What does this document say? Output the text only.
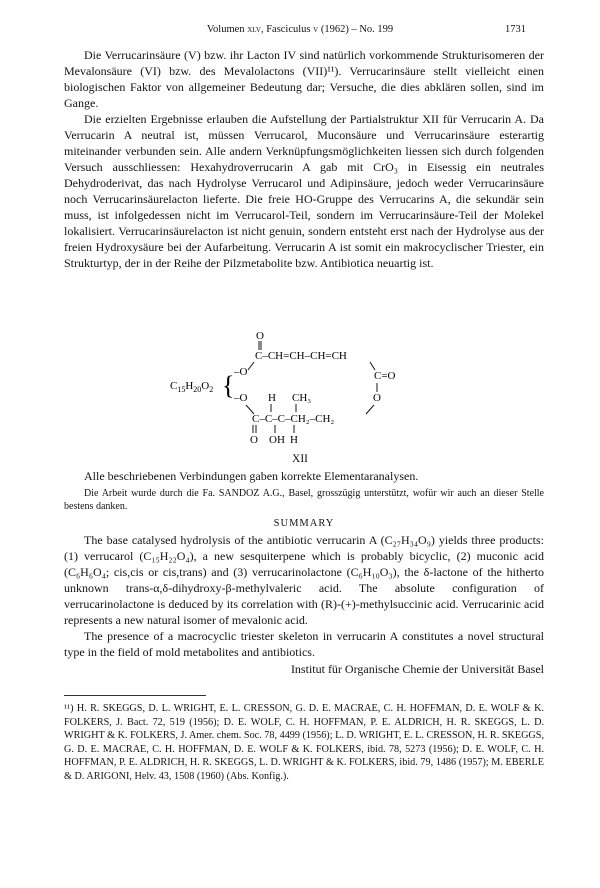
Volumen xlv, Fasciculus v (1962) – No. 199	1731

Die Verrucarinsäure (V) bzw. ihr Lacton IV sind natürlich vorkommende Strukturisomeren der Mevalonsäure (VI) bzw. des Mevalolactons (VII)¹¹). Verrucarinsäure stellt vielleicht einen biologischen Faktor von allgemeiner Bedeutung dar; Versuche, die dies abklären sollen, sind im Gange.

Die erzielten Ergebnisse erlauben die Aufstellung der Partialstruktur XII für Verrucarin A. Da Verrucarin A neutral ist, müssen Verrucarol, Muconsäure und Verrucarinsäure esterartig miteinander verbunden sein. Alle andern Verknüpfungsmöglichkeiten liessen sich durch folgenden Versuch ausschliessen: Hexahydroverrucarin A gab mit CrO₃ in Eisessig ein neutrales Dehydroderivat, das nach Hydrolyse Verrucarol und Adipinsäure, jedoch weder Verrucarinsäure noch Verrucarinsäurelacton lieferte. Die freie HO-Gruppe des Verrucarins A, die sekundär sein muss, ist infolgedessen nicht im Verrucarol-Teil, sondern im Verrucarinsäure-Teil der Molekel lokalisiert. Verrucarinsäurelacton ist nicht genuin, sondern entsteht erst nach der Hydrolyse aus der freien Hydroxysäure bei der Aufarbeitung. Verrucarin A ist somit ein makrocyclischer Triester, ein Strukturtyp, der in der Reihe der Pilzmetabolite bzw. Antibiotica neuartig ist.

O
C–CH=CH–CH=CH
–O	C=O
$C_{15}H_{20}O_2$ { –O H CH₃	O
C–C–C–CH₂–CH₂
O OH H
XII

Alle beschriebenen Verbindungen gaben korrekte Elementaranalysen.

Die Arbeit wurde durch die Fa. SANDOZ A.G., Basel, grosszügig unterstützt, wofür wir auch an dieser Stelle bestens danken.

SUMMARY

The base catalysed hydrolysis of the antibiotic verrucarin A (C₂₇H₃₄O₉) yields three products: (1) verrucarol (C₁₅H₂₂O₄), a new sesquiterpene which is probably bicyclic, (2) muconic acid (C₆H₆O₄; cis,cis or cis,trans) and (3) verrucarinolactone (C₆H₁₀O₃), the δ-lactone of the hitherto unknown trans-α,δ-dihydroxy-β-methylvaleric acid. The absolute configuration of verrucarinolactone is deduced by its correlation with (R)-(+)-methylsuccinic acid. Verrucarinic acid represents a new natural isomer of mevalonic acid.

The presence of a macrocyclic triester skeleton in verrucarin A constitutes a novel structural type in the field of mold metabolites and antibiotics.

Institut für Organische Chemie der Universität Basel

¹¹) H. R. SKEGGS, D. L. WRIGHT, E. L. CRESSON, G. D. E. MACRAE, C. H. HOFFMAN, D. E. WOLF & K. FOLKERS, J. Bact. 72, 519 (1956); D. E. WOLF, C. H. HOFFMAN, P. E. ALDRICH, H. R. SKEGGS, L. D. WRIGHT & K. FOLKERS, J. Amer. chem. Soc. 78, 4499 (1956); L. D. WRIGHT, E. L. CRESSON, H. R. SKEGGS, G. D. E. MACRAE, C. H. HOFFMAN, D. E. WOLF & K. FOLKERS, ibid. 78, 5273 (1956); D. E. WOLF, C. H. HOFFMAN, P. E. ALDRICH, H. R. SKEGGS, L. D. WRIGHT & K. FOLKERS, ibid. 79, 1486 (1957); M. EBERLE & D. ARIGONI, Helv. 43, 1508 (1960) (Abs. Konfig.).
